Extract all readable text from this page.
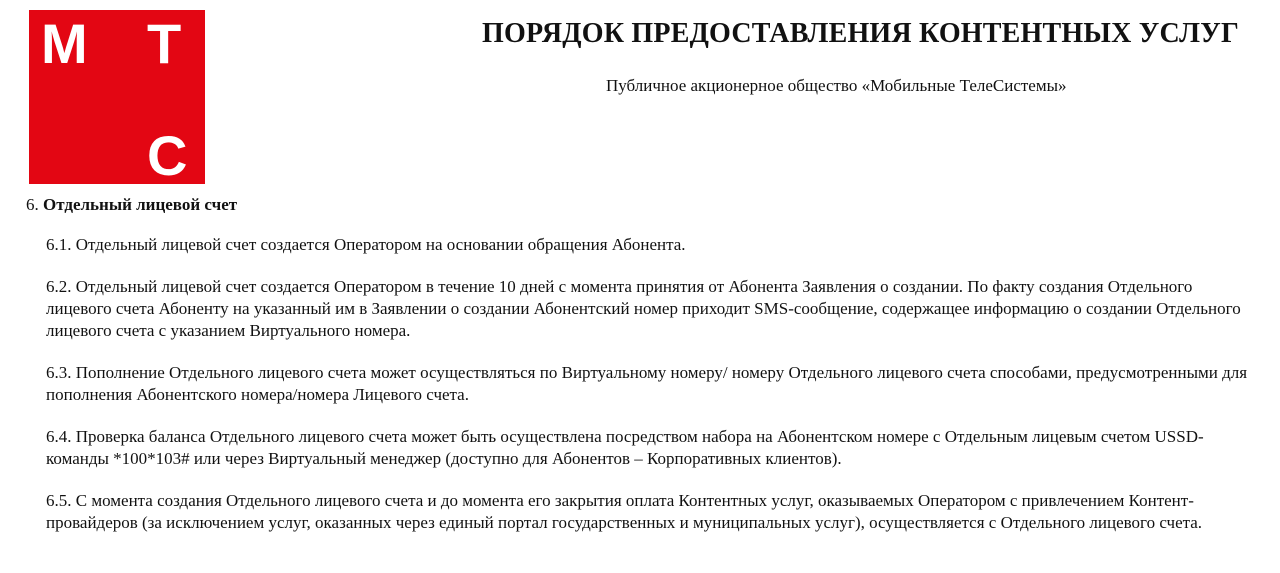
М Т
С
ПОРЯДОК ПРЕДОСТАВЛЕНИЯ КОНТЕНТНЫХ УСЛУГ

Публичное акционерное общество «Мобильные ТелеСистемы»

6. Отдельный лицевой счет

6.1. Отдельный лицевой счет создается Оператором на основании обращения Абонента.

6.2. Отдельный лицевой счет создается Оператором в течение 10 дней с момента принятия от Абонента Заявления о создании. По факту создания Отдельного лицевого счета Абоненту на указанный им в Заявлении о создании Абонентский номер приходит SMS-сообщение, содержащее информацию о создании Отдельного лицевого счета с указанием Виртуального номера.

6.3. Пополнение Отдельного лицевого счета может осуществляться по Виртуальному номеру/ номеру Отдельного лицевого счета способами, предусмотренными для пополнения Абонентского номера/номера Лицевого счета.

6.4. Проверка баланса Отдельного лицевого счета может быть осуществлена посредством набора на Абонентском номере с Отдельным лицевым счетом USSD-команды *100*103# или через Виртуальный менеджер (доступно для Абонентов – Корпоративных клиентов).

6.5. С момента создания Отдельного лицевого счета и до момента его закрытия оплата Контентных услуг, оказываемых Оператором с привлечением Контент-провайдеров (за исключением услуг, оказанных через единый портал государственных и муниципальных услуг), осуществляется с Отдельного лицевого счета.
